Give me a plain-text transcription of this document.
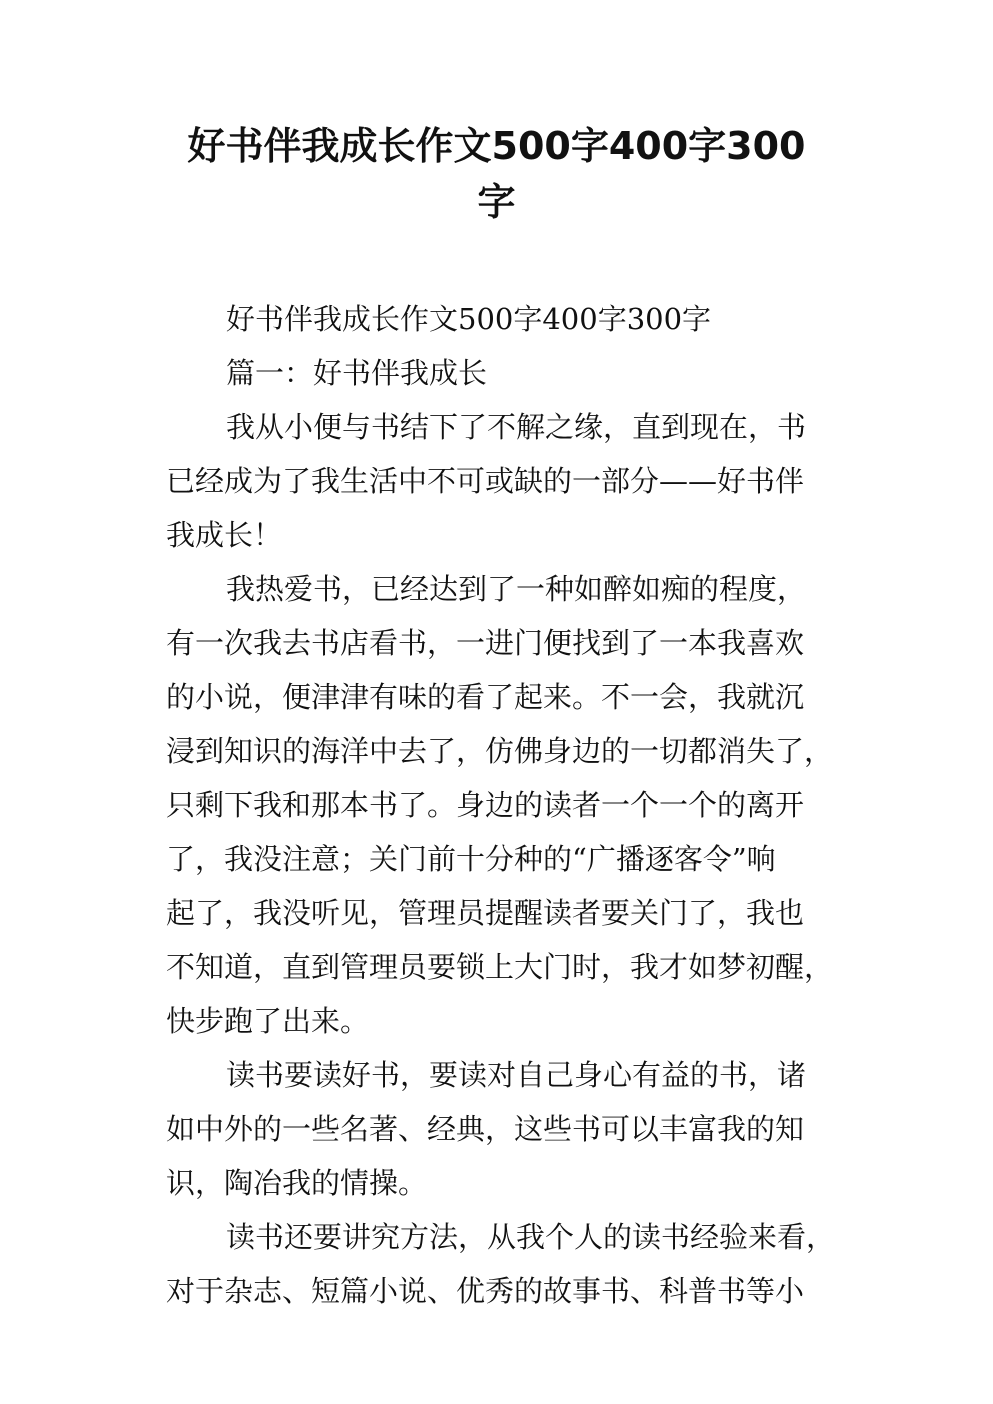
好书伴我成长作文500字400字300
字
好书伴我成长作文500字400字300字
篇一：好书伴我成长
我从小便与书结下了不解之缘，直到现在，书
已经成为了我生活中不可或缺的一部分——好书伴
我成长！
我热爱书，已经达到了一种如醉如痴的程度，
有一次我去书店看书，一进门便找到了一本我喜欢
的小说，便津津有味的看了起来。不一会，我就沉
浸到知识的海洋中去了，仿佛身边的一切都消失了，
只剩下我和那本书了。身边的读者一个一个的离开
了，我没注意；关门前十分种的“广播逐客令”响
起了，我没听见，管理员提醒读者要关门了，我也
不知道，直到管理员要锁上大门时，我才如梦初醒，
快步跑了出来。
读书要读好书，要读对自己身心有益的书，诸
如中外的一些名著、经典，这些书可以丰富我的知
识，陶冶我的情操。
读书还要讲究方法，从我个人的读书经验来看，
对于杂志、短篇小说、优秀的故事书、科普书等小
